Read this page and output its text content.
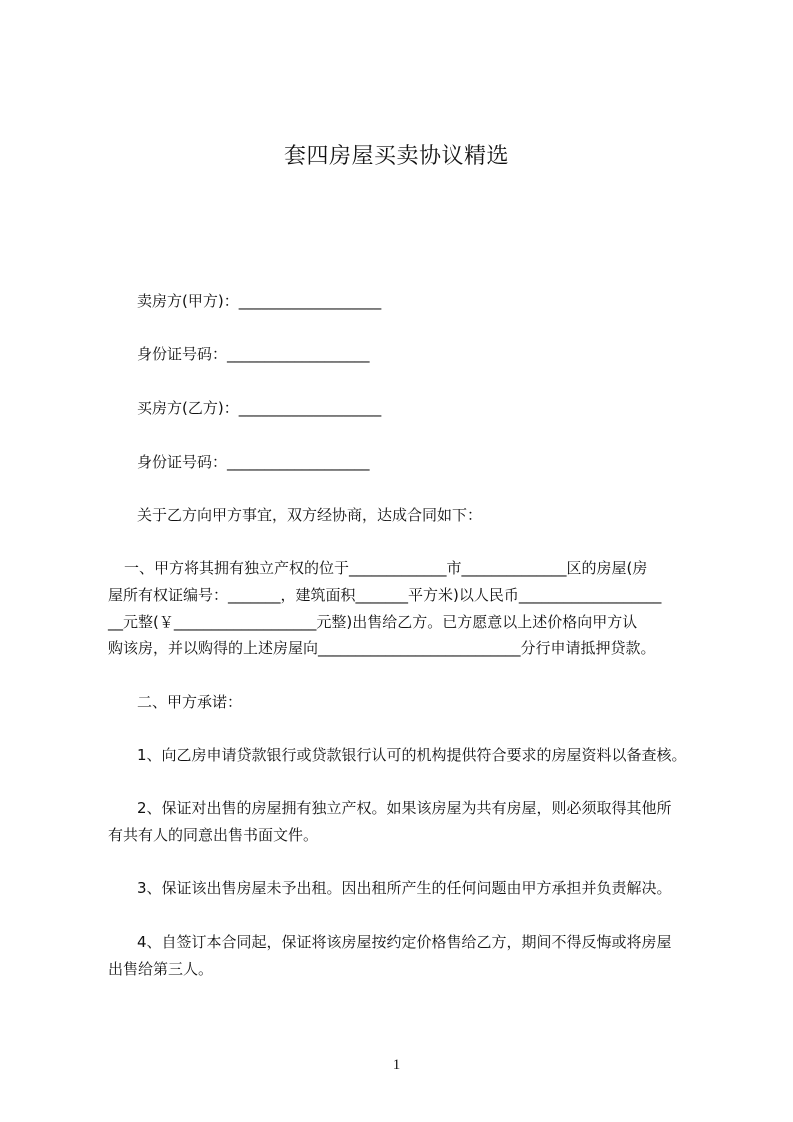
套四房屋买卖协议精选
卖房方(甲方)：___________________
身份证号码：___________________
买房方(乙方)：___________________
身份证号码：___________________
关于乙方向甲方事宜，双方经协商，达成合同如下：
一、甲方将其拥有独立产权的位于_____________市______________区的房屋(房
屋所有权证编号：_______，建筑面积_______平方米)以人民币___________________
__元整(￥___________________元整)出售给乙方。已方愿意以上述价格向甲方认
购该房，并以购得的上述房屋向___________________________分行申请抵押贷款。
二、甲方承诺：
1、向乙房申请贷款银行或贷款银行认可的机构提供符合要求的房屋资料以备查核。
2、保证对出售的房屋拥有独立产权。如果该房屋为共有房屋，则必须取得其他所
有共有人的同意出售书面文件。
3、保证该出售房屋未予出租。因出租所产生的任何问题由甲方承担并负责解决。
4、自签订本合同起，保证将该房屋按约定价格售给乙方，期间不得反悔或将房屋
出售给第三人。
1
